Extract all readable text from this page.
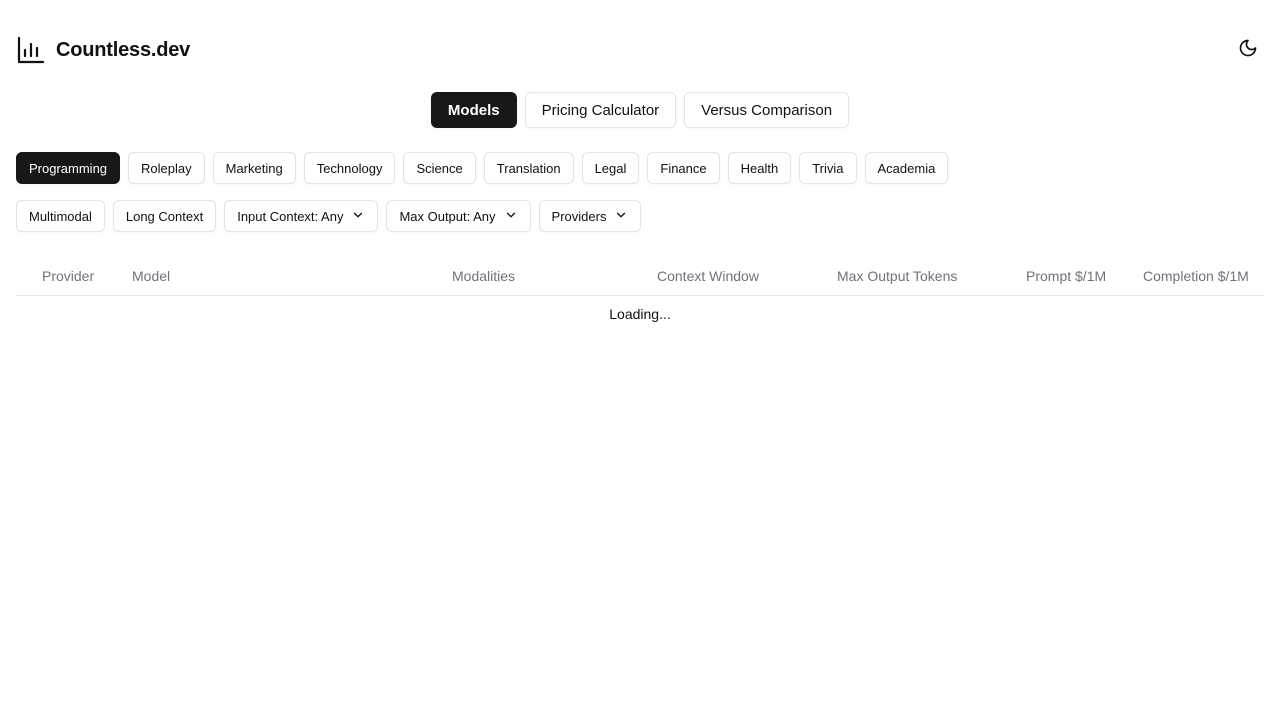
Countless.dev
Models	Pricing Calculator	Versus Comparison
Programming	Roleplay	Marketing	Technology	Science	Translation	Legal	Finance	Health	Trivia	Academia
Multimodal	Long Context	Input Context: Any	Max Output: Any	Providers
Provider	Model	Modalities	Context Window	Max Output Tokens	Prompt $/1M	Completion $/1M
Loading...
